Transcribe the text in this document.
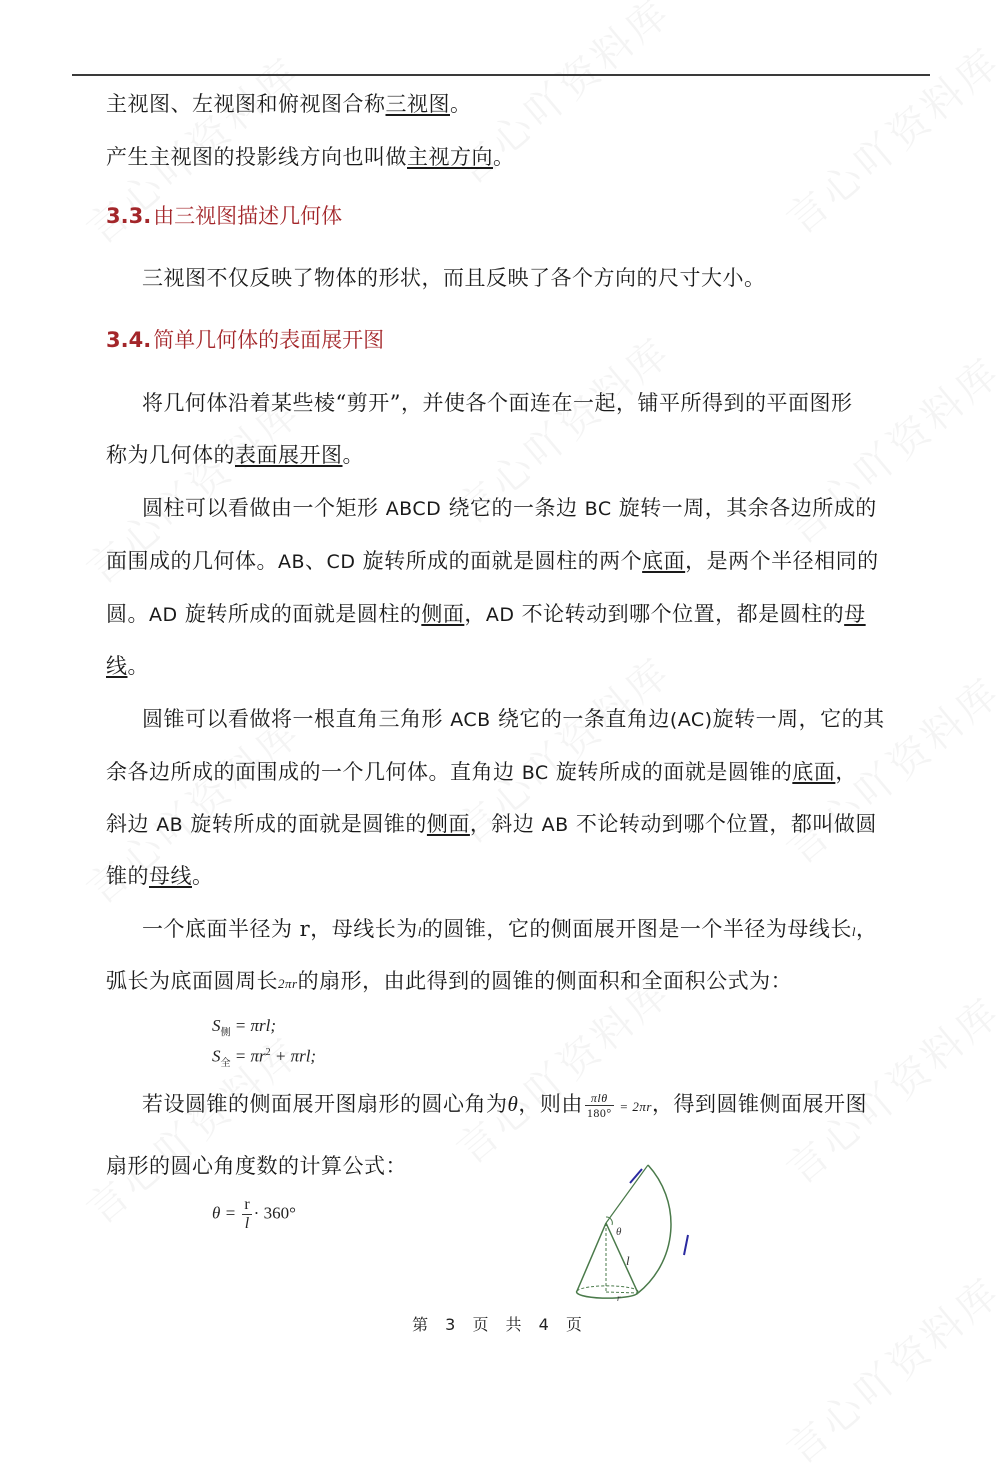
主视图、左视图和俯视图合称三视图。
产生主视图的投影线方向也叫做主视方向。
3.3.由三视图描述几何体
三视图不仅反映了物体的形状，而且反映了各个方向的尺寸大小。
3.4.简单几何体的表面展开图
将几何体沿着某些棱“剪开”，并使各个面连在一起，铺平所得到的平面图形
称为几何体的表面展开图。
圆柱可以看做由一个矩形 ABCD 绕它的一条边 BC 旋转一周，其余各边所成的
面围成的几何体。AB、CD 旋转所成的面就是圆柱的两个底面，是两个半径相同的
圆。AD 旋转所成的面就是圆柱的侧面，AD 不论转动到哪个位置，都是圆柱的母
线。
圆锥可以看做将一根直角三角形 ACB 绕它的一条直角边(AC)旋转一周，它的其
余各边所成的面围成的一个几何体。直角边 BC 旋转所成的面就是圆锥的底面，
斜边 AB 旋转所成的面就是圆锥的侧面，斜边 AB 不论转动到哪个位置，都叫做圆
锥的母线。
一个底面半径为 r，母线长为l的圆锥，它的侧面展开图是一个半径为母线长l，
弧长为底面圆周长2πr的扇形，由此得到的圆锥的侧面积和全面积公式为：
$S_侧 = \pi rl$;
$S_全 = \pi r^2 + \pi rl$;
若设圆锥的侧面展开图扇形的圆心角为θ，则由 $\frac{\text{πlθ}}{180^\circ} = 2\pi r$，得到圆锥侧面展开图
扇形的圆心角度数的计算公式：
$\theta = \frac{r}{l} \cdot 360^\circ$
θ
l
r
第 3 页 共 4 页
